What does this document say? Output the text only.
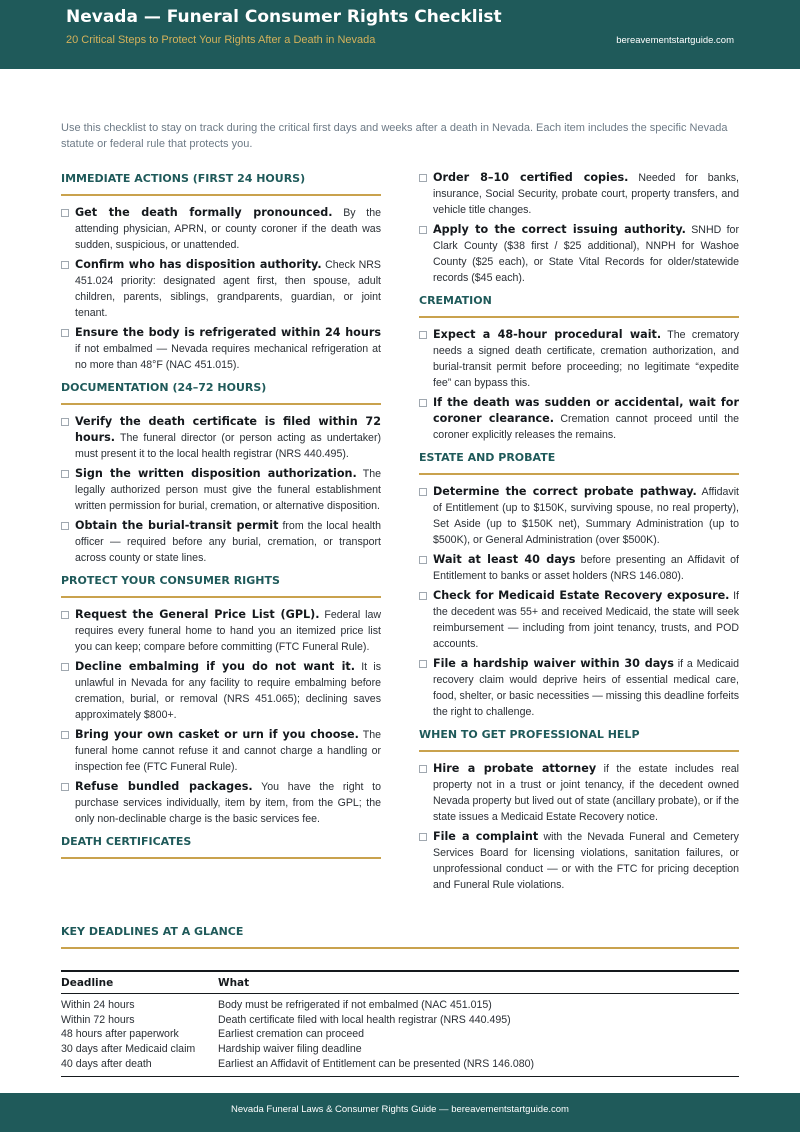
Nevada — Funeral Consumer Rights Checklist
20 Critical Steps to Protect Your Rights After a Death in Nevada	bereavementstartguide.com
Use this checklist to stay on track during the critical first days and weeks after a death in Nevada. Each item includes the specific Nevada statute or federal rule that protects you.
IMMEDIATE ACTIONS (FIRST 24 HOURS)
Get the death formally pronounced. By the attending physician, APRN, or county coroner if the death was sudden, suspicious, or unattended.
Confirm who has disposition authority. Check NRS 451.024 priority: designated agent first, then spouse, adult children, parents, siblings, grandparents, guardian, or joint tenant.
Ensure the body is refrigerated within 24 hours if not embalmed — Nevada requires mechanical refrigeration at no more than 48°F (NAC 451.015).
DOCUMENTATION (24–72 HOURS)
Verify the death certificate is filed within 72 hours. The funeral director (or person acting as undertaker) must present it to the local health registrar (NRS 440.495).
Sign the written disposition authorization. The legally authorized person must give the funeral establishment written permission for burial, cremation, or alternative disposition.
Obtain the burial-transit permit from the local health officer — required before any burial, cremation, or transport across county or state lines.
PROTECT YOUR CONSUMER RIGHTS
Request the General Price List (GPL). Federal law requires every funeral home to hand you an itemized price list you can keep; compare before committing (FTC Funeral Rule).
Decline embalming if you do not want it. It is unlawful in Nevada for any facility to require embalming before cremation, burial, or removal (NRS 451.065); declining saves approximately $800+.
Bring your own casket or urn if you choose. The funeral home cannot refuse it and cannot charge a handling or inspection fee (FTC Funeral Rule).
Refuse bundled packages. You have the right to purchase services individually, item by item, from the GPL; the only non-declinable charge is the basic services fee.
DEATH CERTIFICATES
Order 8–10 certified copies. Needed for banks, insurance, Social Security, probate court, property transfers, and vehicle title changes.
Apply to the correct issuing authority. SNHD for Clark County ($38 first / $25 additional), NNPH for Washoe County ($25 each), or State Vital Records for older/statewide records ($45 each).
CREMATION
Expect a 48-hour procedural wait. The crematory needs a signed death certificate, cremation authorization, and burial-transit permit before proceeding; no legitimate “expedite fee” can bypass this.
If the death was sudden or accidental, wait for coroner clearance. Cremation cannot proceed until the coroner explicitly releases the remains.
ESTATE AND PROBATE
Determine the correct probate pathway. Affidavit of Entitlement (up to $150K, surviving spouse, no real property), Set Aside (up to $150K net), Summary Administration (up to $500K), or General Administration (over $500K).
Wait at least 40 days before presenting an Affidavit of Entitlement to banks or asset holders (NRS 146.080).
Check for Medicaid Estate Recovery exposure. If the decedent was 55+ and received Medicaid, the state will seek reimbursement — including from joint tenancy, trusts, and POD accounts.
File a hardship waiver within 30 days if a Medicaid recovery claim would deprive heirs of essential medical care, food, shelter, or basic necessities — missing this deadline forfeits the right to challenge.
WHEN TO GET PROFESSIONAL HELP
Hire a probate attorney if the estate includes real property not in a trust or joint tenancy, if the decedent owned Nevada property but lived out of state (ancillary probate), or if the state issues a Medicaid Estate Recovery notice.
File a complaint with the Nevada Funeral and Cemetery Services Board for licensing violations, sanitation failures, or unprofessional conduct — or with the FTC for pricing deception and Funeral Rule violations.
KEY DEADLINES AT A GLANCE
Deadline	What
Within 24 hours	Body must be refrigerated if not embalmed (NAC 451.015)
Within 72 hours	Death certificate filed with local health registrar (NRS 440.495)
48 hours after paperwork	Earliest cremation can proceed
30 days after Medicaid claim	Hardship waiver filing deadline
40 days after death	Earliest an Affidavit of Entitlement can be presented (NRS 146.080)
Nevada Funeral Laws & Consumer Rights Guide — bereavementstartguide.com
